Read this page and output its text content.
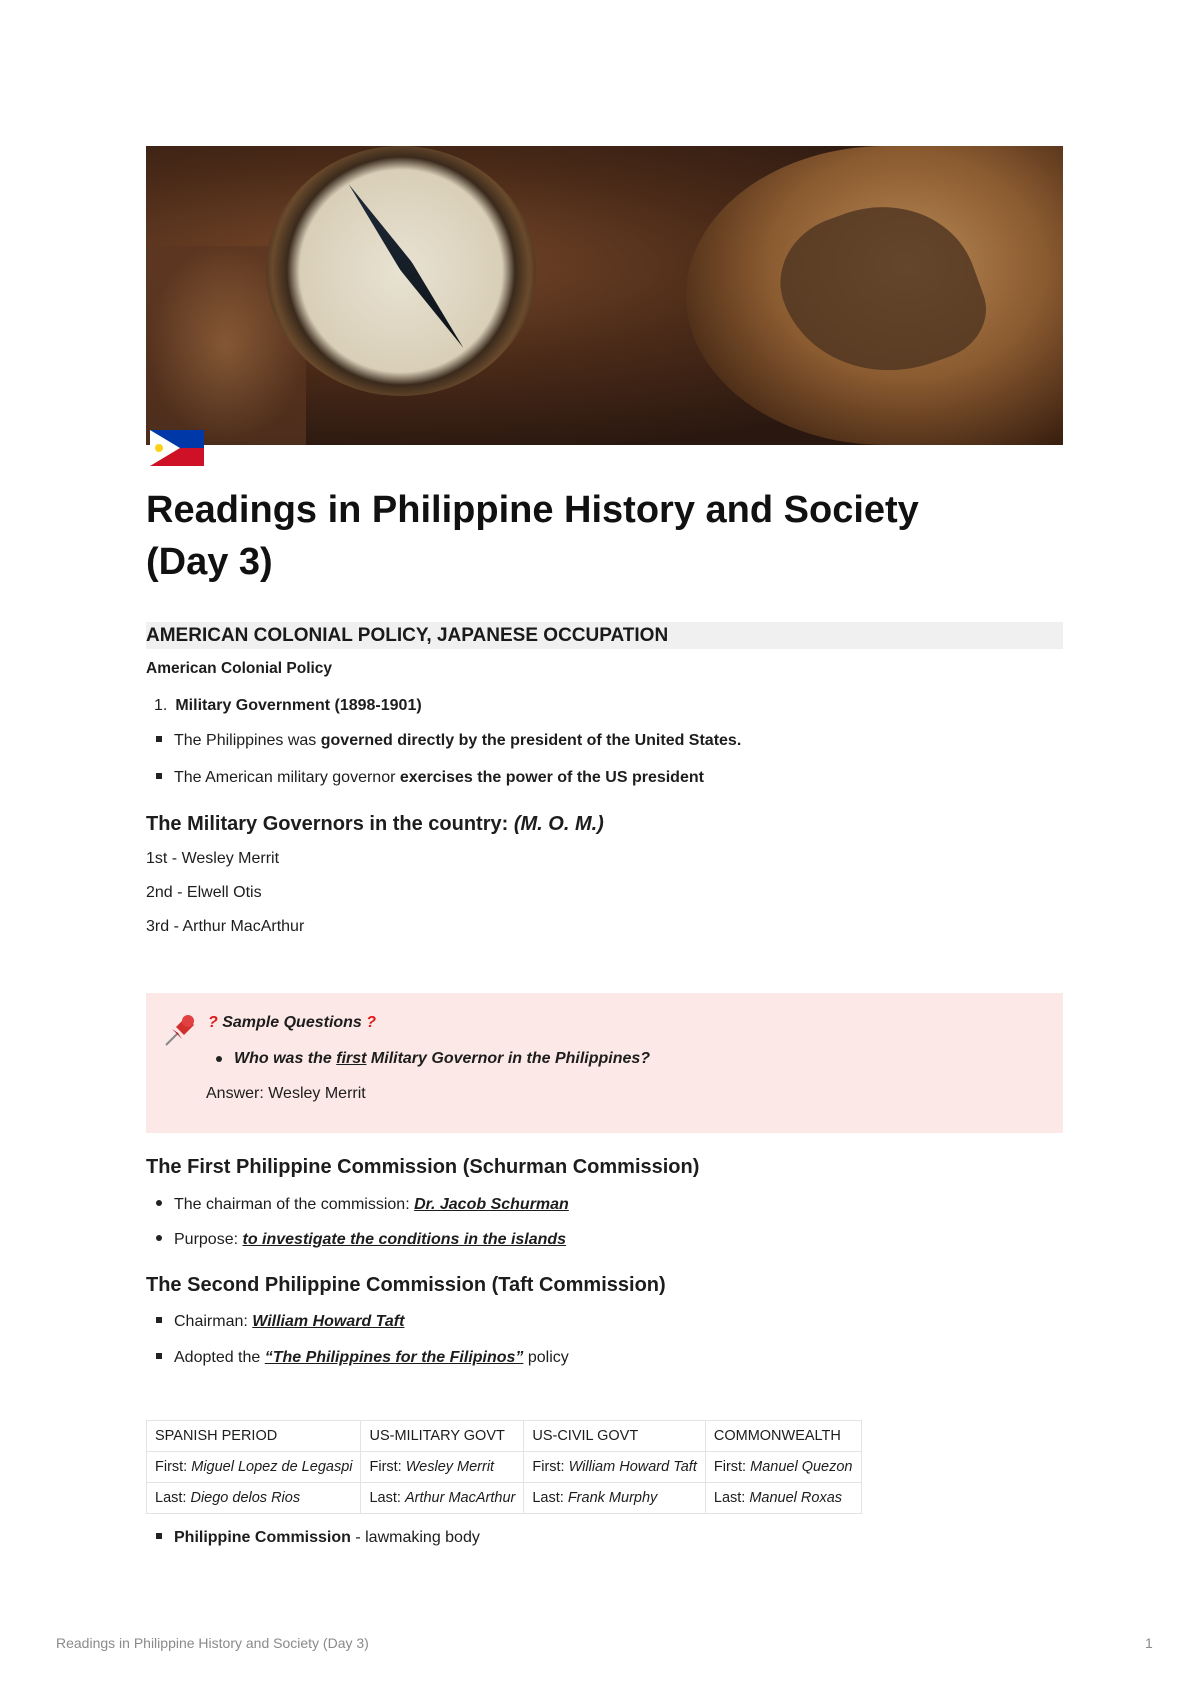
Readings in Philippine History and Society
(Day 3)
AMERICAN COLONIAL POLICY, JAPANESE OCCUPATION
American Colonial Policy
1. Military Government (1898-1901)
The Philippines was governed directly by the president of the United States.
The American military governor exercises the power of the US president
The Military Governors in the country: (M. O. M.)
1st - Wesley Merrit
2nd - Elwell Otis
3rd - Arthur MacArthur
? Sample Questions ?
Who was the first Military Governor in the Philippines?
Answer: Wesley Merrit
The First Philippine Commission (Schurman Commission)
The chairman of the commission: Dr. Jacob Schurman
Purpose: to investigate the conditions in the islands
The Second Philippine Commission (Taft Commission)
Chairman: William Howard Taft
Adopted the “The Philippines for the Filipinos” policy
SPANISH PERIOD	US-MILITARY GOVT	US-CIVIL GOVT	COMMONWEALTH
First: Miguel Lopez de Legaspi	First: Wesley Merrit	First: William Howard Taft	First: Manuel Quezon
Last: Diego delos Rios	Last: Arthur MacArthur	Last: Frank Murphy	Last: Manuel Roxas
Philippine Commission - lawmaking body
Readings in Philippine History and Society (Day 3)	1
